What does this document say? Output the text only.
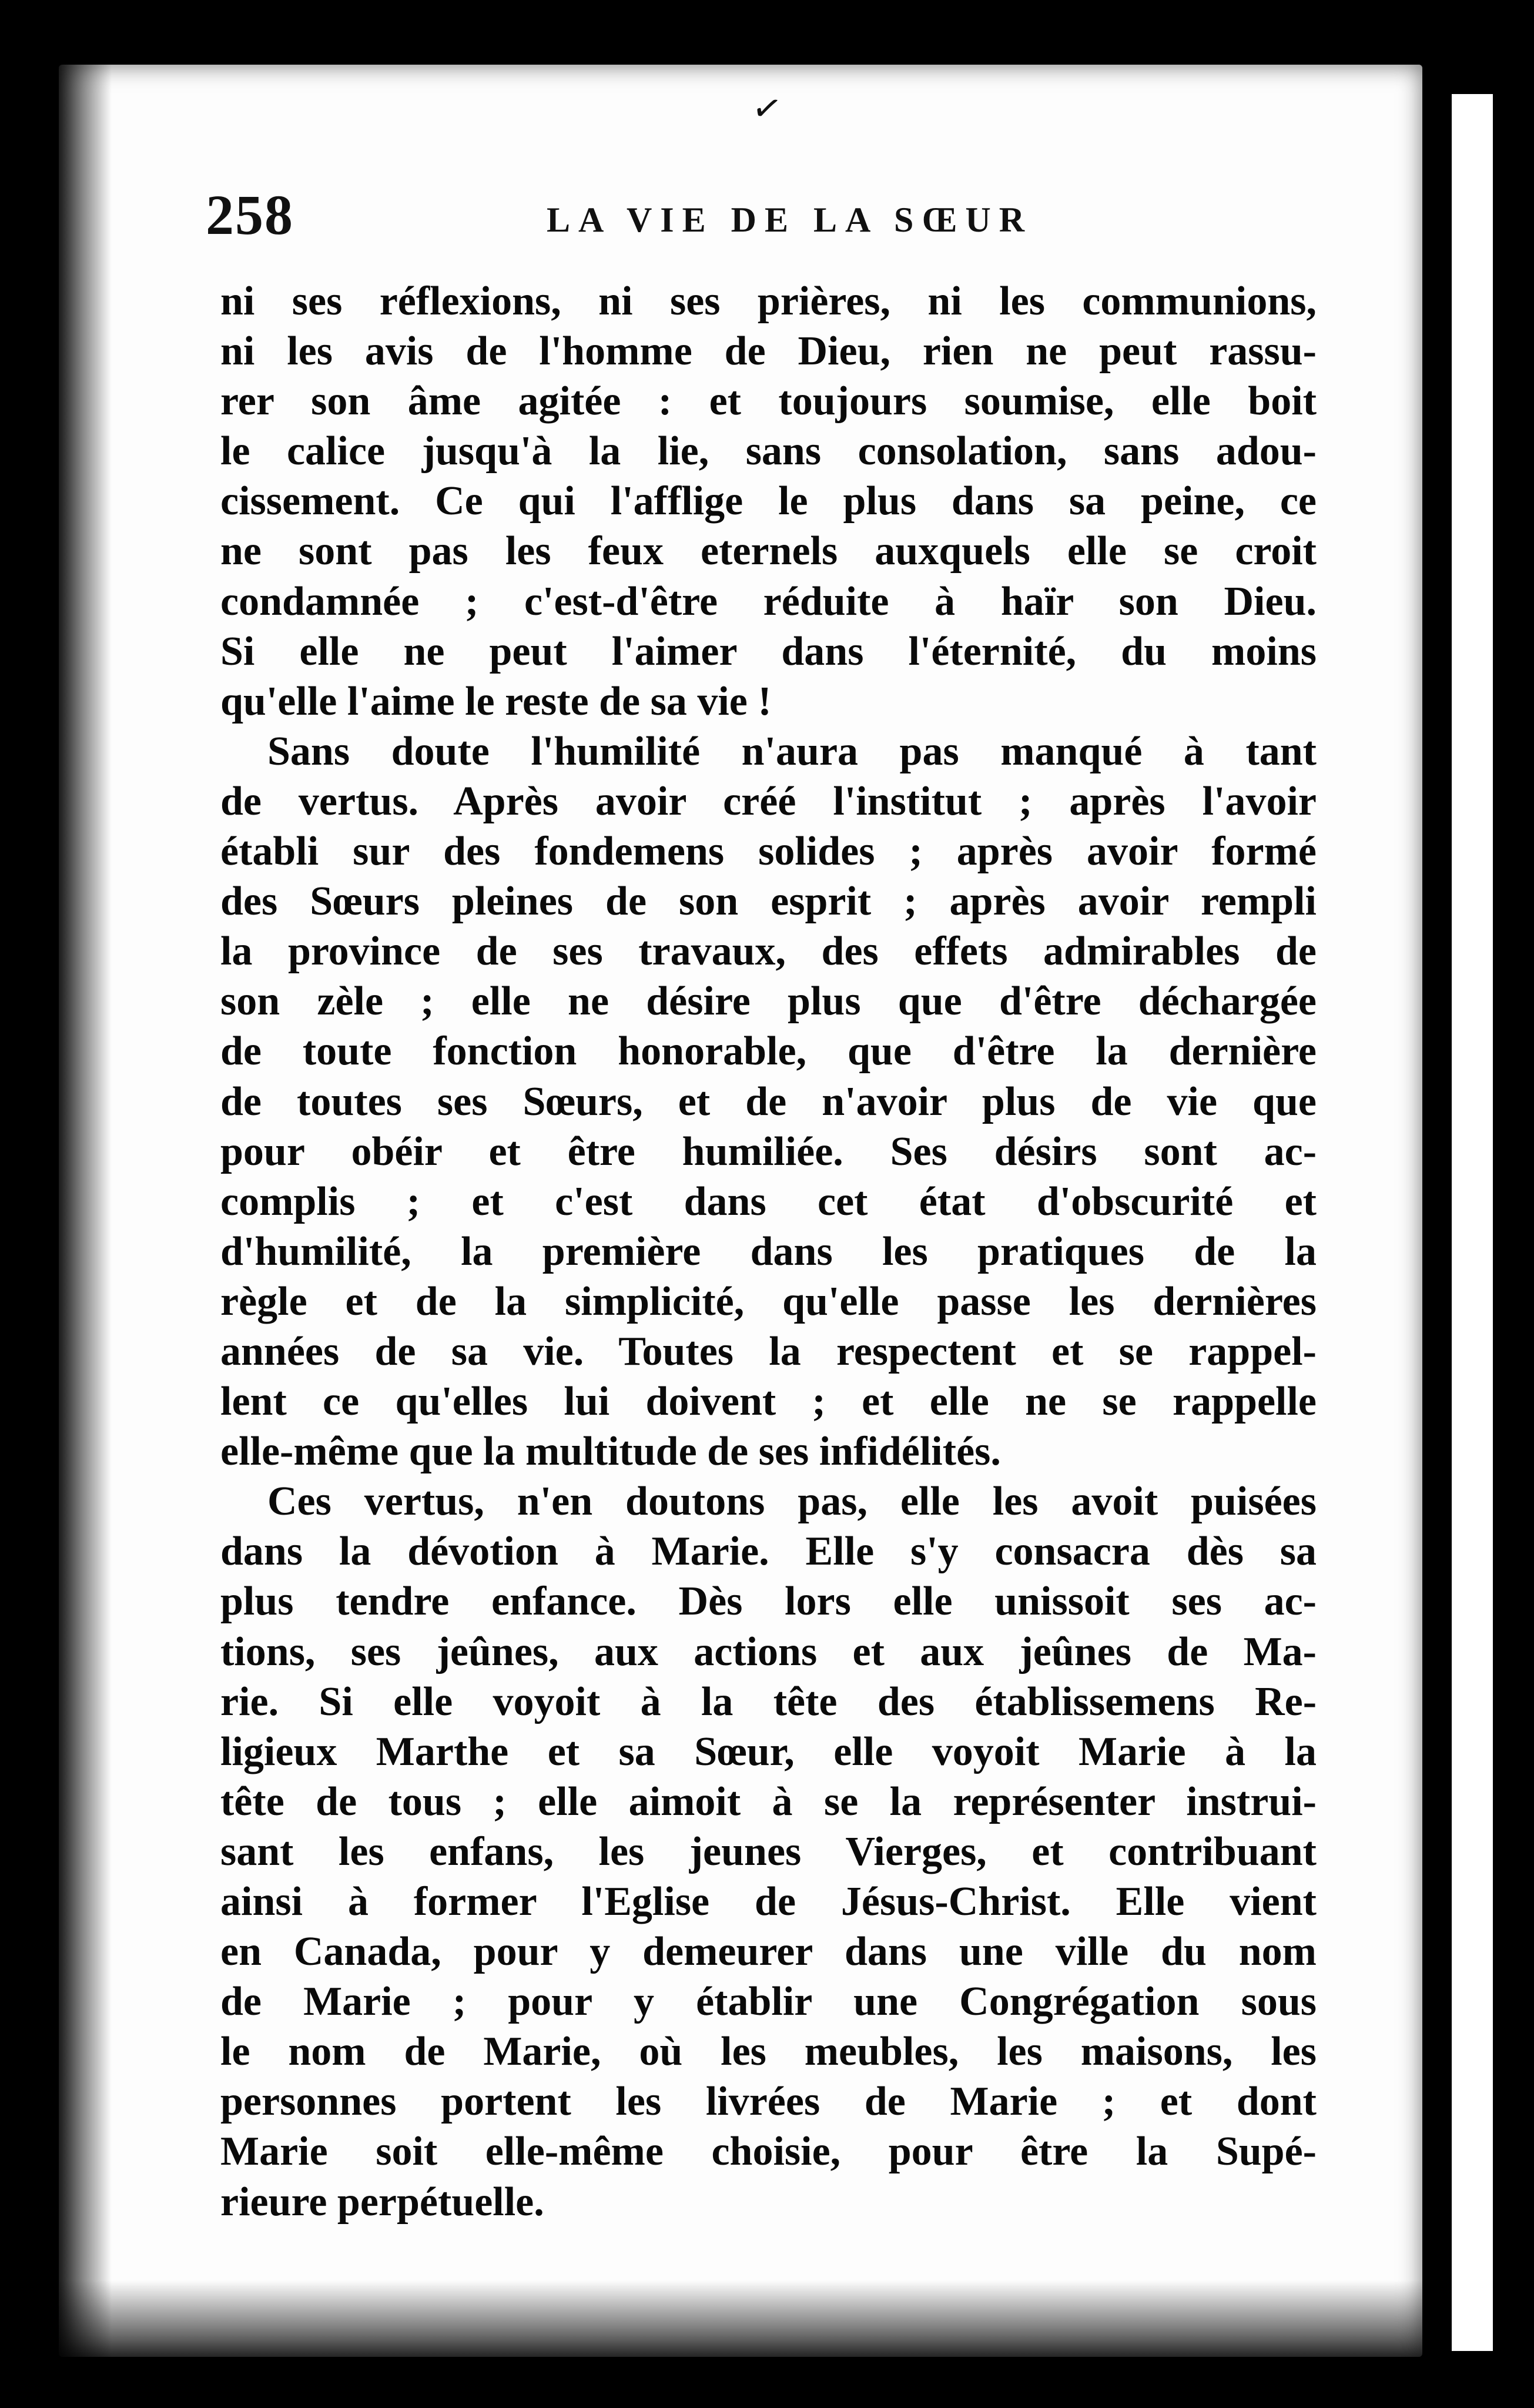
✓
258	LA VIE DE LA SŒUR
ni ses réflexions, ni ses prières, ni les communions,
ni les avis de l'homme de Dieu, rien ne peut rassu-
rer son âme agitée : et toujours soumise, elle boit
le calice jusqu'à la lie, sans consolation, sans adou-
cissement. Ce qui l'afflige le plus dans sa peine, ce
ne sont pas les feux eternels auxquels elle se croit
condamnée ; c'est-d'être réduite à haïr son Dieu.
Si elle ne peut l'aimer dans l'éternité, du moins
qu'elle l'aime le reste de sa vie !
Sans doute l'humilité n'aura pas manqué à tant
de vertus. Après avoir créé l'institut ; après l'avoir
établi sur des fondemens solides ; après avoir formé
des Sœurs pleines de son esprit ; après avoir rempli
la province de ses travaux, des effets admirables de
son zèle ; elle ne désire plus que d'être déchargée
de toute fonction honorable, que d'être la dernière
de toutes ses Sœurs, et de n'avoir plus de vie que
pour obéir et être humiliée. Ses désirs sont ac-
complis ; et c'est dans cet état d'obscurité et
d'humilité, la première dans les pratiques de la
règle et de la simplicité, qu'elle passe les dernières
années de sa vie. Toutes la respectent et se rappel-
lent ce qu'elles lui doivent ; et elle ne se rappelle
elle-même que la multitude de ses infidélités.
Ces vertus, n'en doutons pas, elle les avoit puisées
dans la dévotion à Marie. Elle s'y consacra dès sa
plus tendre enfance. Dès lors elle unissoit ses ac-
tions, ses jeûnes, aux actions et aux jeûnes de Ma-
rie. Si elle voyoit à la tête des établissemens Re-
ligieux Marthe et sa Sœur, elle voyoit Marie à la
tête de tous ; elle aimoit à se la représenter instrui-
sant les enfans, les jeunes Vierges, et contribuant
ainsi à former l'Eglise de Jésus-Christ. Elle vient
en Canada, pour y demeurer dans une ville du nom
de Marie ; pour y établir une Congrégation sous
le nom de Marie, où les meubles, les maisons, les
personnes portent les livrées de Marie ; et dont
Marie soit elle-même choisie, pour être la Supé-
rieure perpétuelle.
